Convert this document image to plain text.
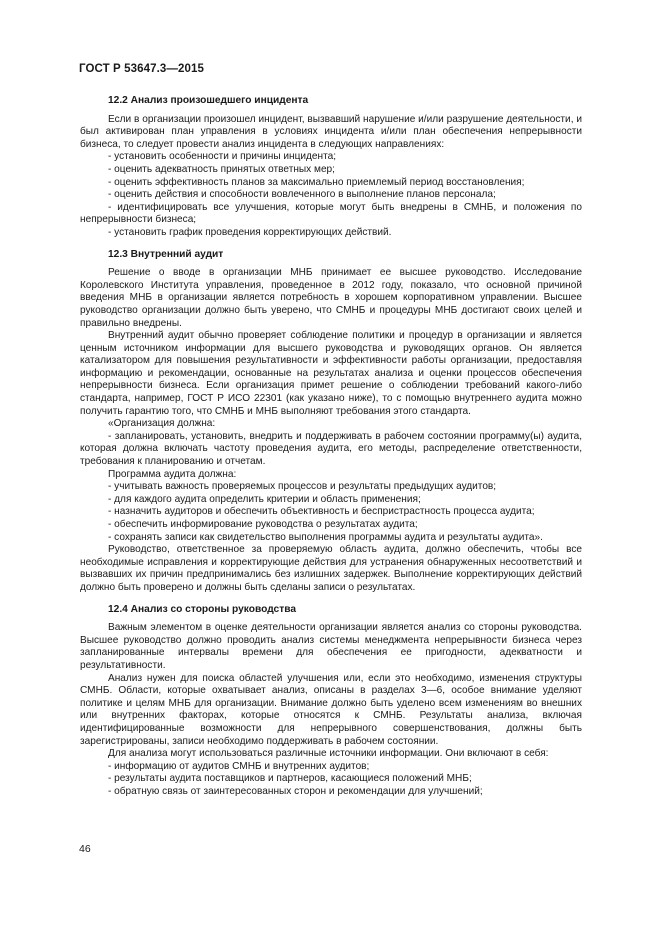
ГОСТ Р 53647.3—2015
12.2 Анализ произошедшего инцидента

Если в организации произошел инцидент, вызвавший нарушение и/или разрушение деятельности, и был активирован план управления в условиях инцидента и/или план обеспечения непрерывности бизнеса, то следует провести анализ инцидента в следующих направлениях:

- установить особенности и причины инцидента;

- оценить адекватность принятых ответных мер;

- оценить эффективность планов за максимально приемлемый период восстановления;

- оценить действия и способности вовлеченного в выполнение планов персонала;

- идентифицировать все улучшения, которые могут быть внедрены в СМНБ, и положения по непрерывности бизнеса;

- установить график проведения корректирующих действий.

12.3 Внутренний аудит

Решение о вводе в организации МНБ принимает ее высшее руководство. Исследование Королевского Института управления, проведенное в 2012 году, показало, что основной причиной введения МНБ в организации является потребность в хорошем корпоративном управлении. Высшее руководство организации должно быть уверено, что СМНБ и процедуры МНБ достигают своих целей и правильно внедрены.

Внутренний аудит обычно проверяет соблюдение политики и процедур в организации и является ценным источником информации для высшего руководства и руководящих органов. Он является катализатором для повышения результативности и эффективности работы организации, предоставляя информацию и рекомендации, основанные на результатах анализа и оценки процессов обеспечения непрерывности бизнеса. Если организация примет решение о соблюдении требований какого-либо стандарта, например, ГОСТ Р ИСО 22301 (как указано ниже), то с помощью внутреннего аудита можно получить гарантию того, что СМНБ и МНБ выполняют требования этого стандарта.

«Организация должна:

- запланировать, установить, внедрить и поддерживать в рабочем состоянии программу(ы) аудита, которая должна включать частоту проведения аудита, его методы, распределение ответственности, требования к планированию и отчетам.

Программа аудита должна:

- учитывать важность проверяемых процессов и результаты предыдущих аудитов;

- для каждого аудита определить критерии и область применения;

- назначить аудиторов и обеспечить объективность и беспристрастность процесса аудита;

- обеспечить информирование руководства о результатах аудита;

- сохранять записи как свидетельство выполнения программы аудита и результаты аудита».

Руководство, ответственное за проверяемую область аудита, должно обеспечить, чтобы все необходимые исправления и корректирующие действия для устранения обнаруженных несоответствий и вызвавших их причин предпринимались без излишних задержек. Выполнение корректирующих действий должно быть проверено и должны быть сделаны записи о результатах.

12.4 Анализ со стороны руководства

Важным элементом в оценке деятельности организации является анализ со стороны руководства. Высшее руководство должно проводить анализ системы менеджмента непрерывности бизнеса через запланированные интервалы времени для обеспечения ее пригодности, адекватности и результативности.

Анализ нужен для поиска областей улучшения или, если это необходимо, изменения структуры СМНБ. Области, которые охватывает анализ, описаны в разделах 3—6, особое внимание уделяют политике и целям МНБ для организации. Внимание должно быть уделено всем изменениям во внешних или внутренних факторах, которые относятся к СМНБ. Результаты анализа, включая идентифицированные возможности для непрерывного совершенствования, должны быть зарегистрированы, записи необходимо поддерживать в рабочем состоянии.

Для анализа могут использоваться различные источники информации. Они включают в себя:

- информацию от аудитов СМНБ и внутренних аудитов;

- результаты аудита поставщиков и партнеров, касающиеся положений МНБ;

- обратную связь от заинтересованных сторон и рекомендации для улучшений;

46
